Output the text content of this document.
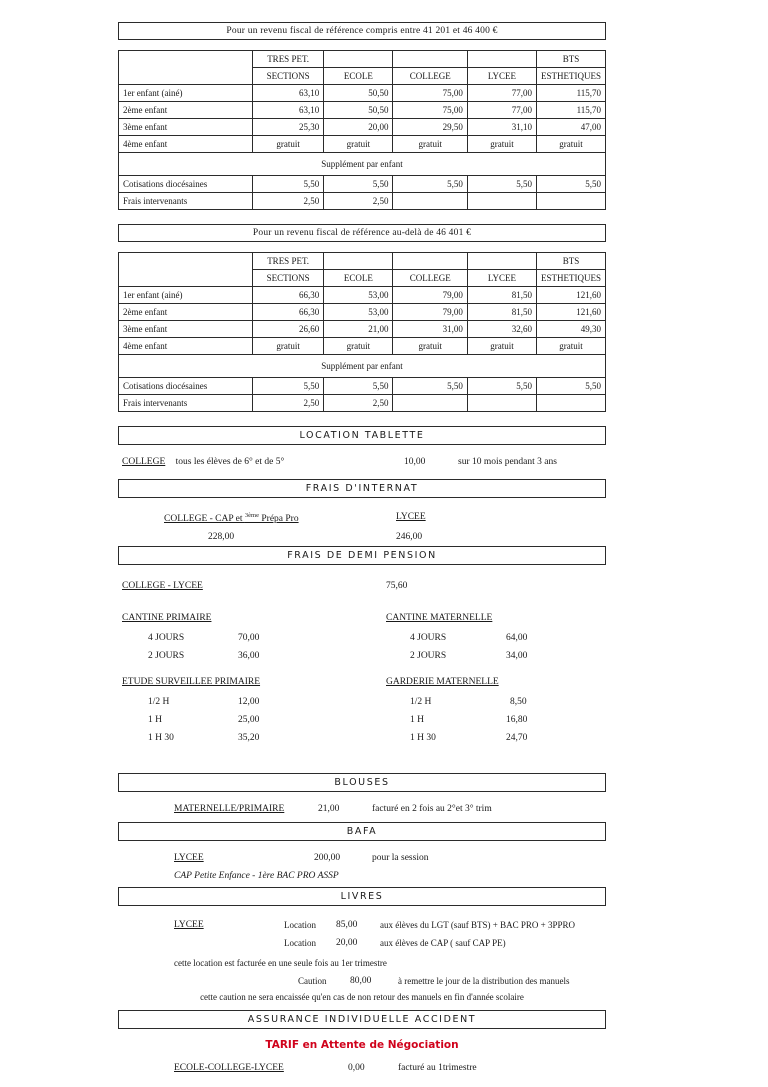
Pour un revenu fiscal de référence compris entre 41 201 et 46 400 €
	TRES PET.				BTS
	SECTIONS	ECOLE	COLLEGE	LYCEE	ESTHETIQUES
1er enfant (ainé)	63,10	50,50	75,00	77,00	115,70
2ème enfant	63,10	50,50	75,00	77,00	115,70
3ème enfant	25,30	20,00	29,50	31,10	47,00
4ème enfant	gratuit	gratuit	gratuit	gratuit	gratuit
Supplément par enfant					
Cotisations diocésaines	5,50	5,50	5,50	5,50	5,50
Frais intervenants	2,50	2,50			
Pour un revenu fiscal de référence au-delà de 46 401 €
	TRES PET.				BTS
	SECTIONS	ECOLE	COLLEGE	LYCEE	ESTHETIQUES
1er enfant (ainé)	66,30	53,00	79,00	81,50	121,60
2ème enfant	66,30	53,00	79,00	81,50	121,60
3ème enfant	26,60	21,00	31,00	32,60	49,30
4ème enfant	gratuit	gratuit	gratuit	gratuit	gratuit
Supplément par enfant					
Cotisations diocésaines	5,50	5,50	5,50	5,50	5,50
Frais intervenants	2,50	2,50			
LOCATION TABLETTE
COLLEGE tous les élèves de 6° et de 5°	10,00	sur 10 mois pendant 3 ans
FRAIS D'INTERNAT
COLLEGE - CAP et $^{3ème}$ Prépa Pro	LYCEE
228,00	246,00
FRAIS DE DEMI PENSION
COLLEGE - LYCEE	75,60
CANTINE PRIMAIRE
4 JOURS	70,00
2 JOURS	36,00
CANTINE MATERNELLE
4 JOURS	64,00
2 JOURS	34,00
ETUDE SURVEILLEE PRIMAIRE
1/2 H	12,00
1 H	25,00
1 H 30	35,20
GARDERIE MATERNELLE
1/2 H	8,50
1 H	16,80
1 H 30	24,70
BLOUSES
MATERNELLE/PRIMAIRE	21,00	facturé en 2 fois au 2°et 3° trim
BAFA
LYCEE	200,00	pour la session
CAP Petite Enfance - 1ère BAC PRO ASSP
LIVRES
LYCEE	Location 85,00	aux élèves du LGT (sauf BTS) + BAC PRO + 3PPRO
Location 20,00	aux élèves de CAP ( sauf CAP PE)
cette location est facturée en une seule fois au 1er trimestre
Caution 80,00	à remettre le jour de la distribution des manuels
cette caution ne sera encaissée qu'en cas de non retour des manuels en fin d'année scolaire
ASSURANCE INDIVIDUELLE ACCIDENT
TARIF en Attente de Négociation
ECOLE-COLLEGE-LYCEE	0,00	facturé au 1trimestre
